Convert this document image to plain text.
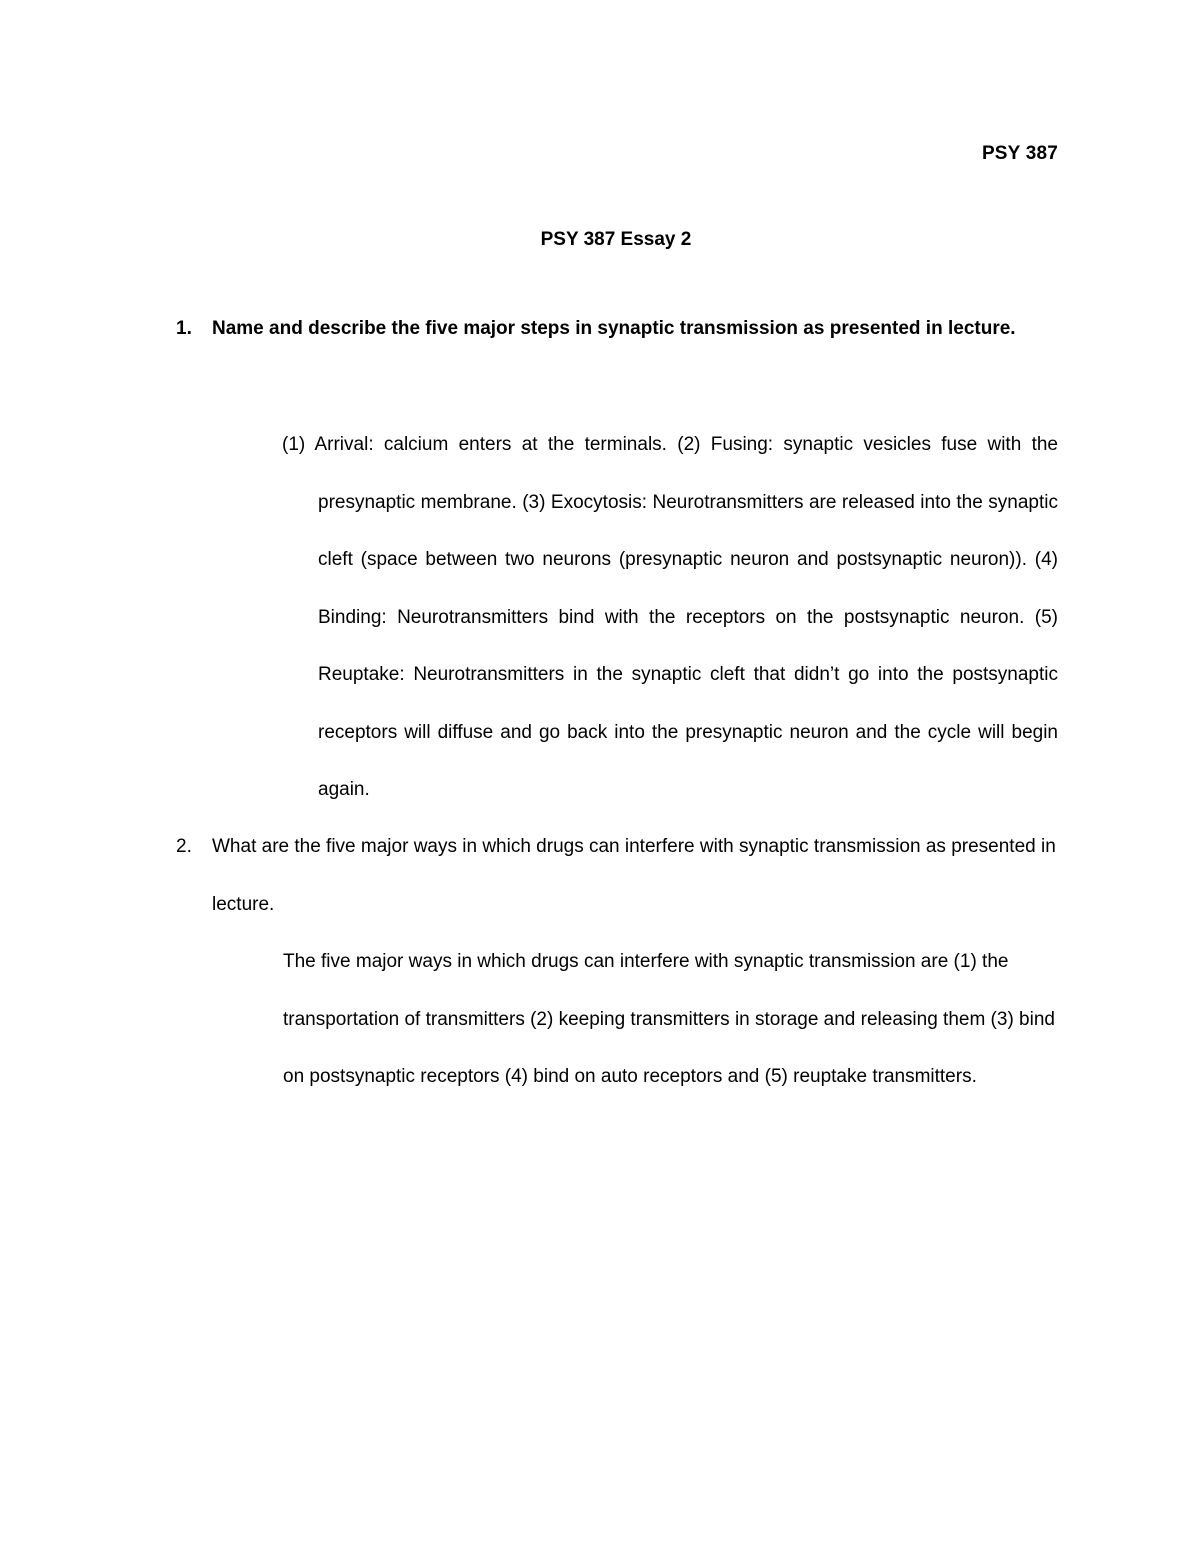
PSY 387
PSY 387 Essay 2
1.	Name and describe the five major steps in synaptic transmission as presented in lecture.
(1) Arrival: calcium enters at the terminals. (2) Fusing: synaptic vesicles fuse with the presynaptic membrane. (3) Exocytosis: Neurotransmitters are released into the synaptic cleft (space between two neurons (presynaptic neuron and postsynaptic neuron)). (4) Binding: Neurotransmitters bind with the receptors on the postsynaptic neuron. (5) Reuptake: Neurotransmitters in the synaptic cleft that didn’t go into the postsynaptic receptors will diffuse and go back into the presynaptic neuron and the cycle will begin again.
2.	What are the five major ways in which drugs can interfere with synaptic transmission as presented in lecture.
The five major ways in which drugs can interfere with synaptic transmission are (1) the transportation of transmitters (2) keeping transmitters in storage and releasing them (3) bind on postsynaptic receptors (4) bind on auto receptors and (5) reuptake transmitters.
